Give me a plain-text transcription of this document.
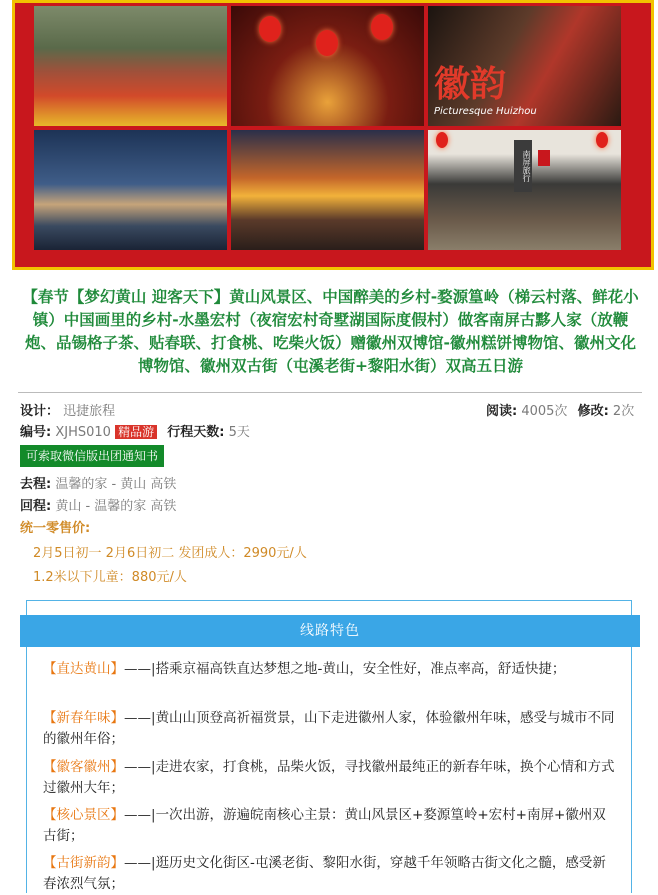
徽韵
Picturesque Huizhou
南屏旅行
【春节【梦幻黄山 迎客天下】黄山风景区、中国醉美的乡村-婺源篁岭（梯云村落、鲜花小镇）中国画里的乡村-水墨宏村（夜宿宏村奇墅湖国际度假村）做客南屏古黟人家（放鞭炮、品锡格子茶、贴春联、打食桃、吃柴火饭）赠徽州双博馆-徽州糕饼博物馆、徽州文化博物馆、徽州双古街（屯溪老街+黎阳水街）双高五日游
设计： 迅捷旅程	阅读: 4005次 修改: 2次
编号: XJHS010 精品游 行程天数: 5天
可索取微信版出团通知书
去程: 温馨的家 - 黄山 高铁
回程: 黄山 - 温馨的家 高铁
统一零售价:
2月5日初一 2月6日初二 发团成人：2990元/人
1.2米以下儿童：880元/人
线路特色
【直达黄山】——|搭乘京福高铁直达梦想之地-黄山，安全性好，准点率高，舒适快捷；
【新春年味】——|黄山山顶登高祈福赏景，山下走进徽州人家，体验徽州年味，感受与城市不同的徽州年俗；
【徽客徽州】——|走进农家，打食桃，品柴火饭，寻找徽州最纯正的新春年味，换个心情和方式过徽州大年；
【核心景区】——|一次出游，游遍皖南核心主景：黄山风景区+婺源篁岭+宏村+南屏+徽州双古街；
【古街新韵】——|逛历史文化街区-屯溪老街、黎阳水街，穿越千年领略古街文化之髓，感受新春浓烈气氛；
